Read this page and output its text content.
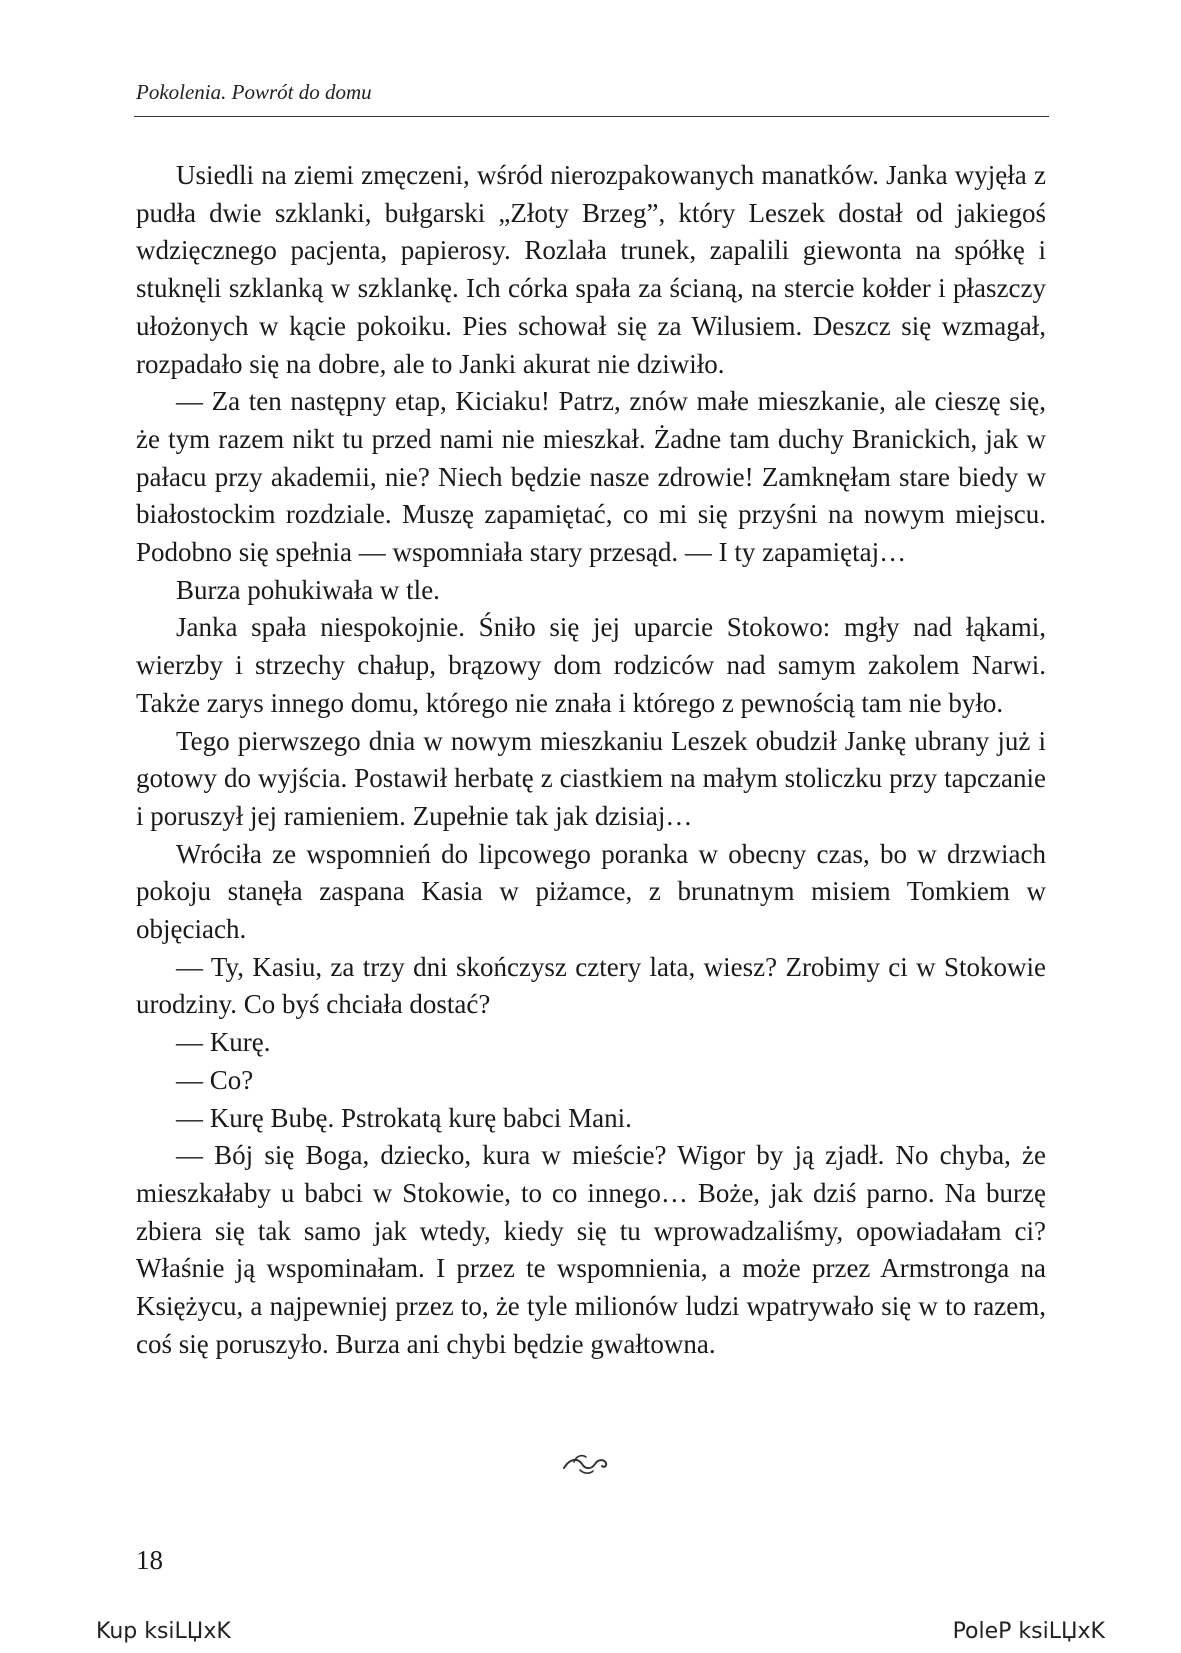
Pokolenia. Powrót do domu

Usiedli na ziemi zmęczeni, wśród nierozpakowanych manatków. Janka wyjęła z pudła dwie szklanki, bułgarski „Złoty Brzeg”, który Leszek dostał od jakiegoś wdzięcznego pacjenta, papierosy. Rozlała trunek, zapalili giewonta na spółkę i stuknęli szklanką w szklankę. Ich córka spała za ścianą, na stercie kołder i płaszczy ułożonych w kącie pokoiku. Pies schował się za Wilusiem. Deszcz się wzmagał, rozpadało się na dobre, ale to Janki akurat nie dziwiło.

— Za ten następny etap, Kiciaku! Patrz, znów małe mieszkanie, ale cieszę się, że tym razem nikt tu przed nami nie mieszkał. Żadne tam duchy Branickich, jak w pałacu przy akademii, nie? Niech będzie nasze zdrowie! Zamknęłam stare biedy w białostockim rozdziale. Muszę zapamiętać, co mi się przyśni na nowym miejscu. Podobno się spełnia — wspomniała stary przesąd. — I ty zapamiętaj…

Burza pohukiwała w tle.

Janka spała niespokojnie. Śniło się jej uparcie Stokowo: mgły nad łąkami, wierzby i strzechy chałup, brązowy dom rodziców nad samym zakolem Narwi. Także zarys innego domu, którego nie znała i którego z pewnością tam nie było.

Tego pierwszego dnia w nowym mieszkaniu Leszek obudził Jankę ubrany już i gotowy do wyjścia. Postawił herbatę z ciastkiem na małym stoliczku przy tapczanie i poruszył jej ramieniem. Zupełnie tak jak dzisiaj…

Wróciła ze wspomnień do lipcowego poranka w obecny czas, bo w drzwiach pokoju stanęła zaspana Kasia w piżamce, z brunatnym misiem Tomkiem w objęciach.

— Ty, Kasiu, za trzy dni skończysz cztery lata, wiesz? Zrobimy ci w Stokowie urodziny. Co byś chciała dostać?

— Kurę.

— Co?

— Kurę Bubę. Pstrokatą kurę babci Mani.

— Bój się Boga, dziecko, kura w mieście? Wigor by ją zjadł. No chyba, że mieszkałaby u babci w Stokowie, to co innego… Boże, jak dziś parno. Na burzę zbiera się tak samo jak wtedy, kiedy się tu wprowadzaliśmy, opowiadałam ci? Właśnie ją wspominałam. I przez te wspomnienia, a może przez Armstronga na Księżycu, a najpewniej przez to, że tyle milionów ludzi wpatrywało się w to razem, coś się poruszyło. Burza ani chybi będzie gwałtowna.

18
Kup ksiLЏxK	PoleP ksiLЏxK
